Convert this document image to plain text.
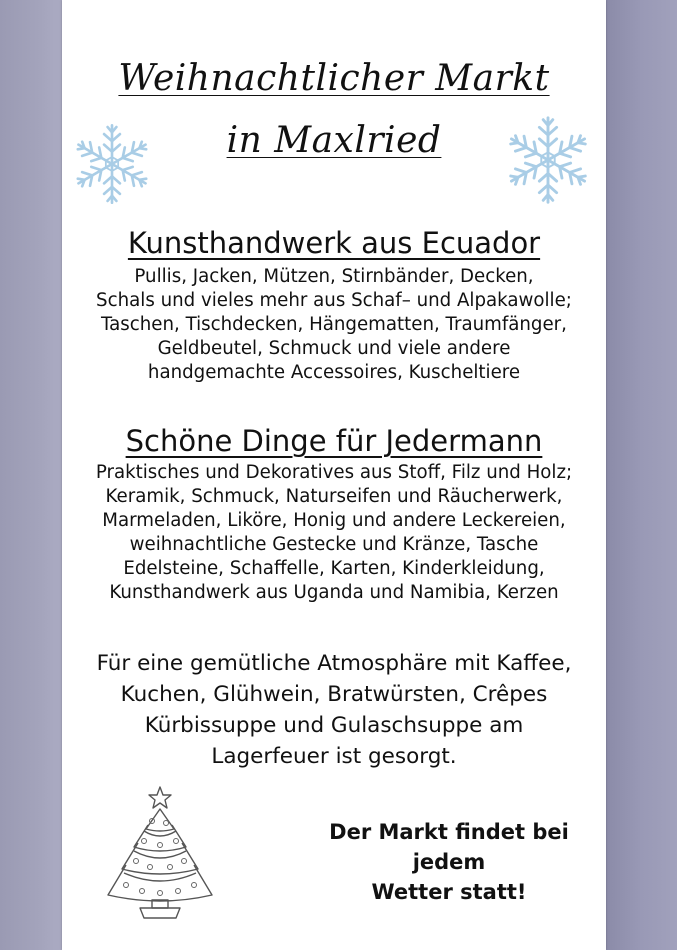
Weihnachtlicher Markt
in Maxlried
Kunsthandwerk aus Ecuador
Pullis, Jacken, Mützen, Stirnbänder, Decken,
Schals und vieles mehr aus Schaf– und Alpakawolle;
Taschen, Tischdecken, Hängematten, Traumfänger,
Geldbeutel, Schmuck und viele andere
handgemachte Accessoires, Kuscheltiere
Schöne Dinge für Jedermann
Praktisches und Dekoratives aus Stoff, Filz und Holz;
Keramik, Schmuck, Naturseifen und Räucherwerk,
Marmeladen, Liköre, Honig und andere Leckereien,
weihnachtliche Gestecke und Kränze, Tasche
Edelsteine, Schaffelle, Karten, Kinderkleidung,
Kunsthandwerk aus Uganda und Namibia, Kerzen
Für eine gemütliche Atmosphäre mit Kaffee,
Kuchen, Glühwein, Bratwürsten, Crêpes
Kürbissuppe und Gulaschsuppe am
Lagerfeuer ist gesorgt.
Der Markt findet bei
jedem
Wetter statt!
